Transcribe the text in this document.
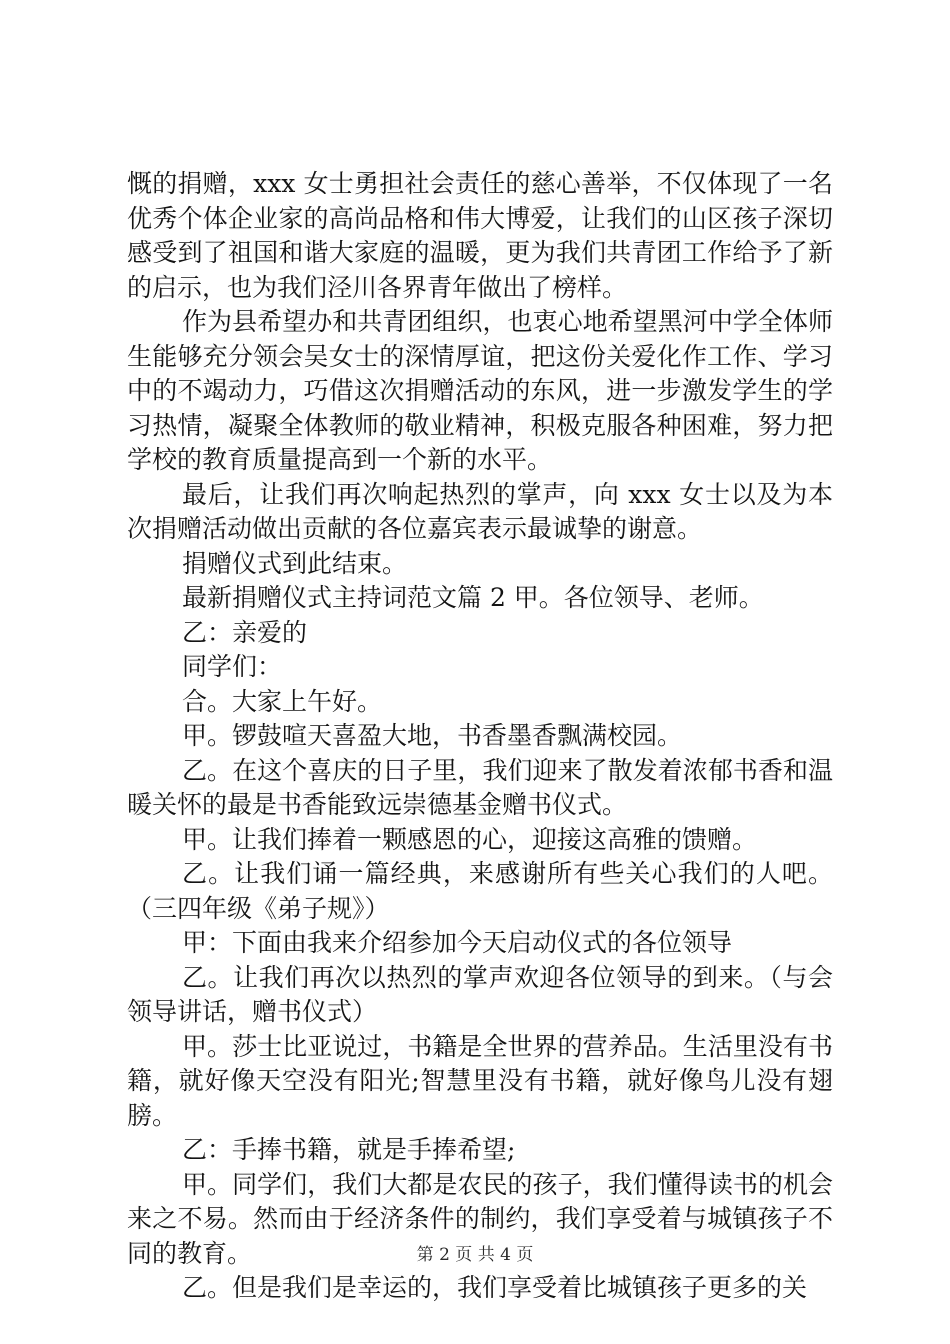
慨的捐赠，xxx 女士勇担社会责任的慈心善举，不仅体现了一名优秀个体企业家的高尚品格和伟大博爱，让我们的山区孩子深切感受到了祖国和谐大家庭的温暖，更为我们共青团工作给予了新的启示，也为我们泾川各界青年做出了榜样。

作为县希望办和共青团组织，也衷心地希望黑河中学全体师生能够充分领会吴女士的深情厚谊，把这份关爱化作工作、学习中的不竭动力，巧借这次捐赠活动的东风，进一步激发学生的学习热情，凝聚全体教师的敬业精神，积极克服各种困难，努力把学校的教育质量提高到一个新的水平。

最后，让我们再次响起热烈的掌声，向 xxx 女士以及为本次捐赠活动做出贡献的各位嘉宾表示最诚挚的谢意。

捐赠仪式到此结束。

最新捐赠仪式主持词范文篇 2 甲。各位领导、老师。

乙：亲爱的

同学们：

合。大家上午好。

甲。锣鼓喧天喜盈大地，书香墨香飘满校园。

乙。在这个喜庆的日子里，我们迎来了散发着浓郁书香和温暖关怀的最是书香能致远崇德基金赠书仪式。

甲。让我们捧着一颗感恩的心，迎接这高雅的馈赠。

乙。让我们诵一篇经典，来感谢所有些关心我们的人吧。（三四年级《弟子规》）

甲：下面由我来介绍参加今天启动仪式的各位领导

乙。让我们再次以热烈的掌声欢迎各位领导的到来。（与会领导讲话，赠书仪式）

甲。莎士比亚说过，书籍是全世界的营养品。生活里没有书籍，就好像天空没有阳光;智慧里没有书籍，就好像鸟儿没有翅膀。

乙：手捧书籍，就是手捧希望;

甲。同学们，我们大都是农民的孩子，我们懂得读书的机会来之不易。然而由于经济条件的制约，我们享受着与城镇孩子不同的教育。

乙。但是我们是幸运的，我们享受着比城镇孩子更多的关

第 2 页 共 4 页
